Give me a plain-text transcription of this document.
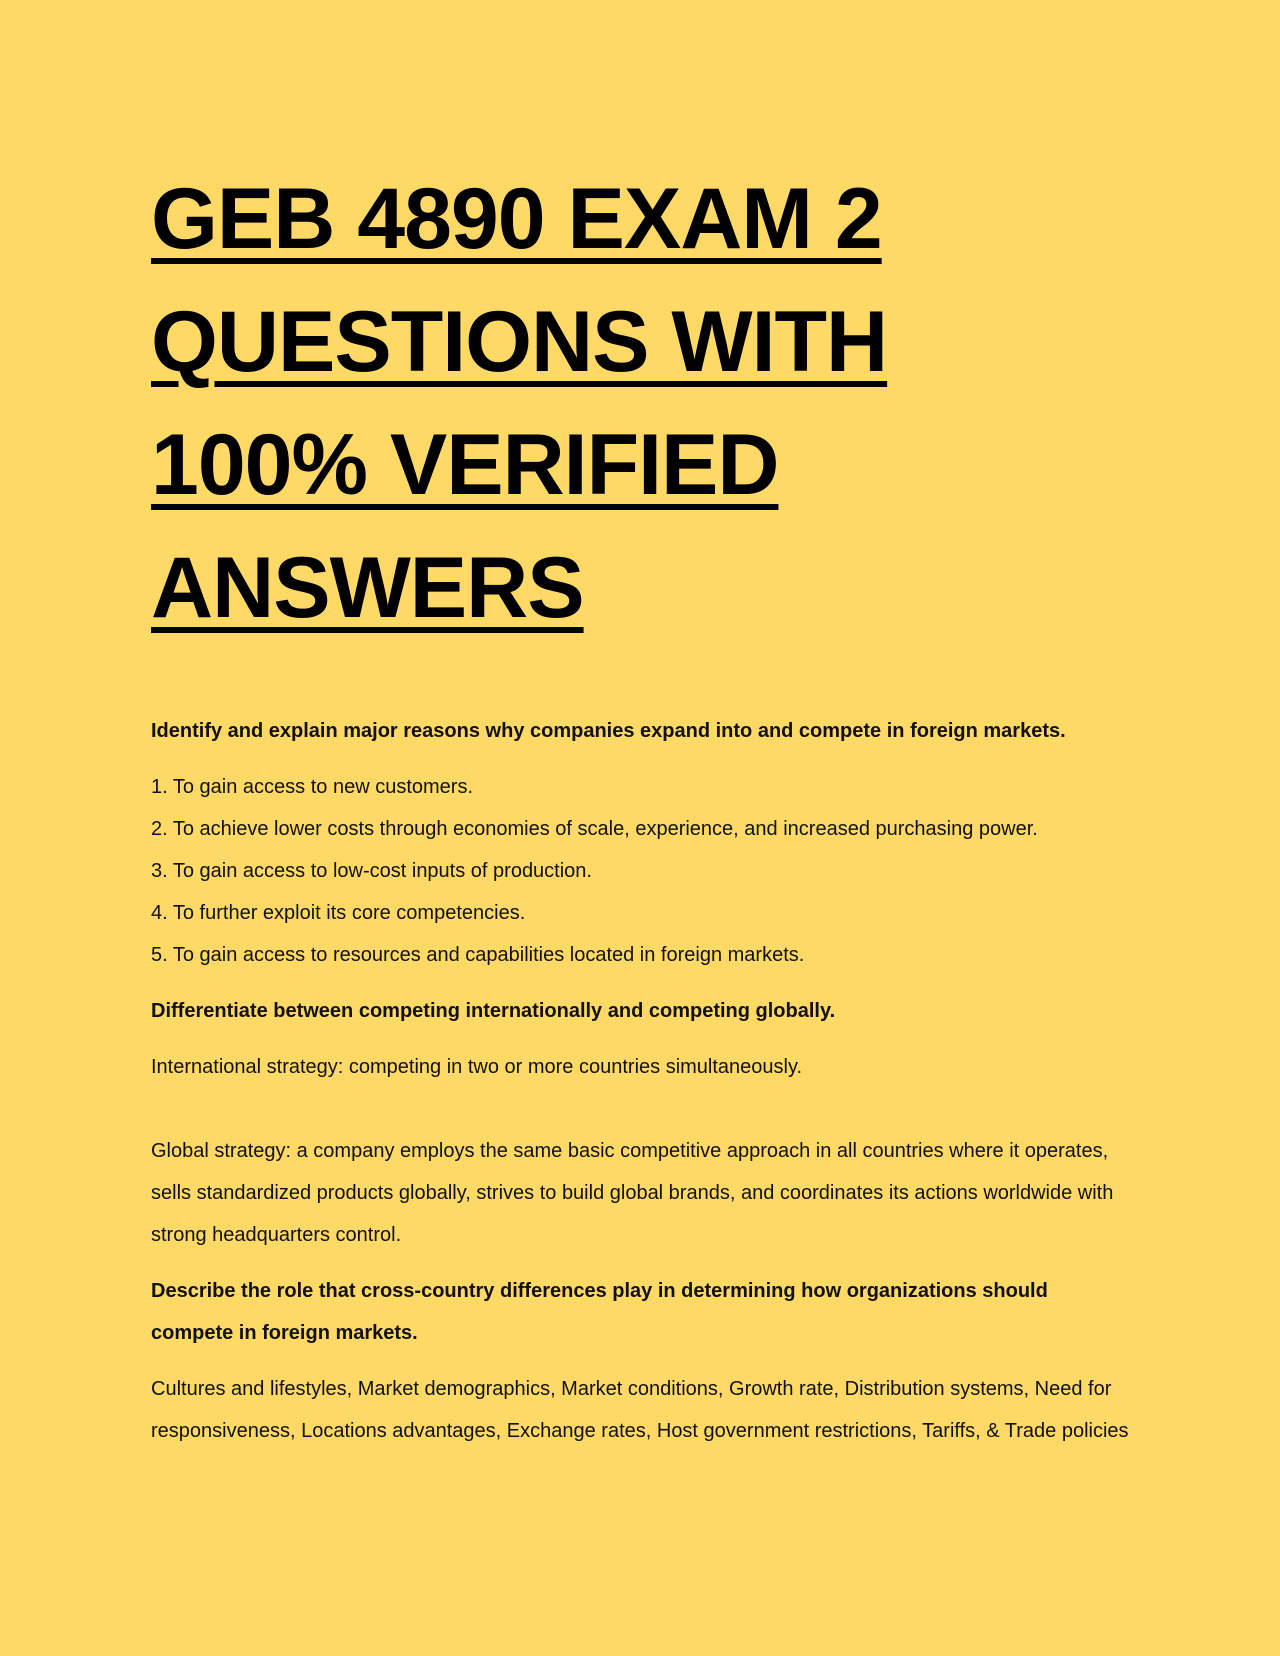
GEB 4890 EXAM 2
QUESTIONS WITH
100% VERIFIED
ANSWERS

Identify and explain major reasons why companies expand into and compete in foreign markets.

1. To gain access to new customers.
2. To achieve lower costs through economies of scale, experience, and increased purchasing power.
3. To gain access to low-cost inputs of production.
4. To further exploit its core competencies.
5. To gain access to resources and capabilities located in foreign markets.

Differentiate between competing internationally and competing globally.

International strategy: competing in two or more countries simultaneously.

Global strategy: a company employs the same basic competitive approach in all countries where it operates, sells standardized products globally, strives to build global brands, and coordinates its actions worldwide with strong headquarters control.

Describe the role that cross-country differences play in determining how organizations should compete in foreign markets.

Cultures and lifestyles, Market demographics, Market conditions, Growth rate, Distribution systems, Need for responsiveness, Locations advantages, Exchange rates, Host government restrictions, Tariffs, & Trade policies
